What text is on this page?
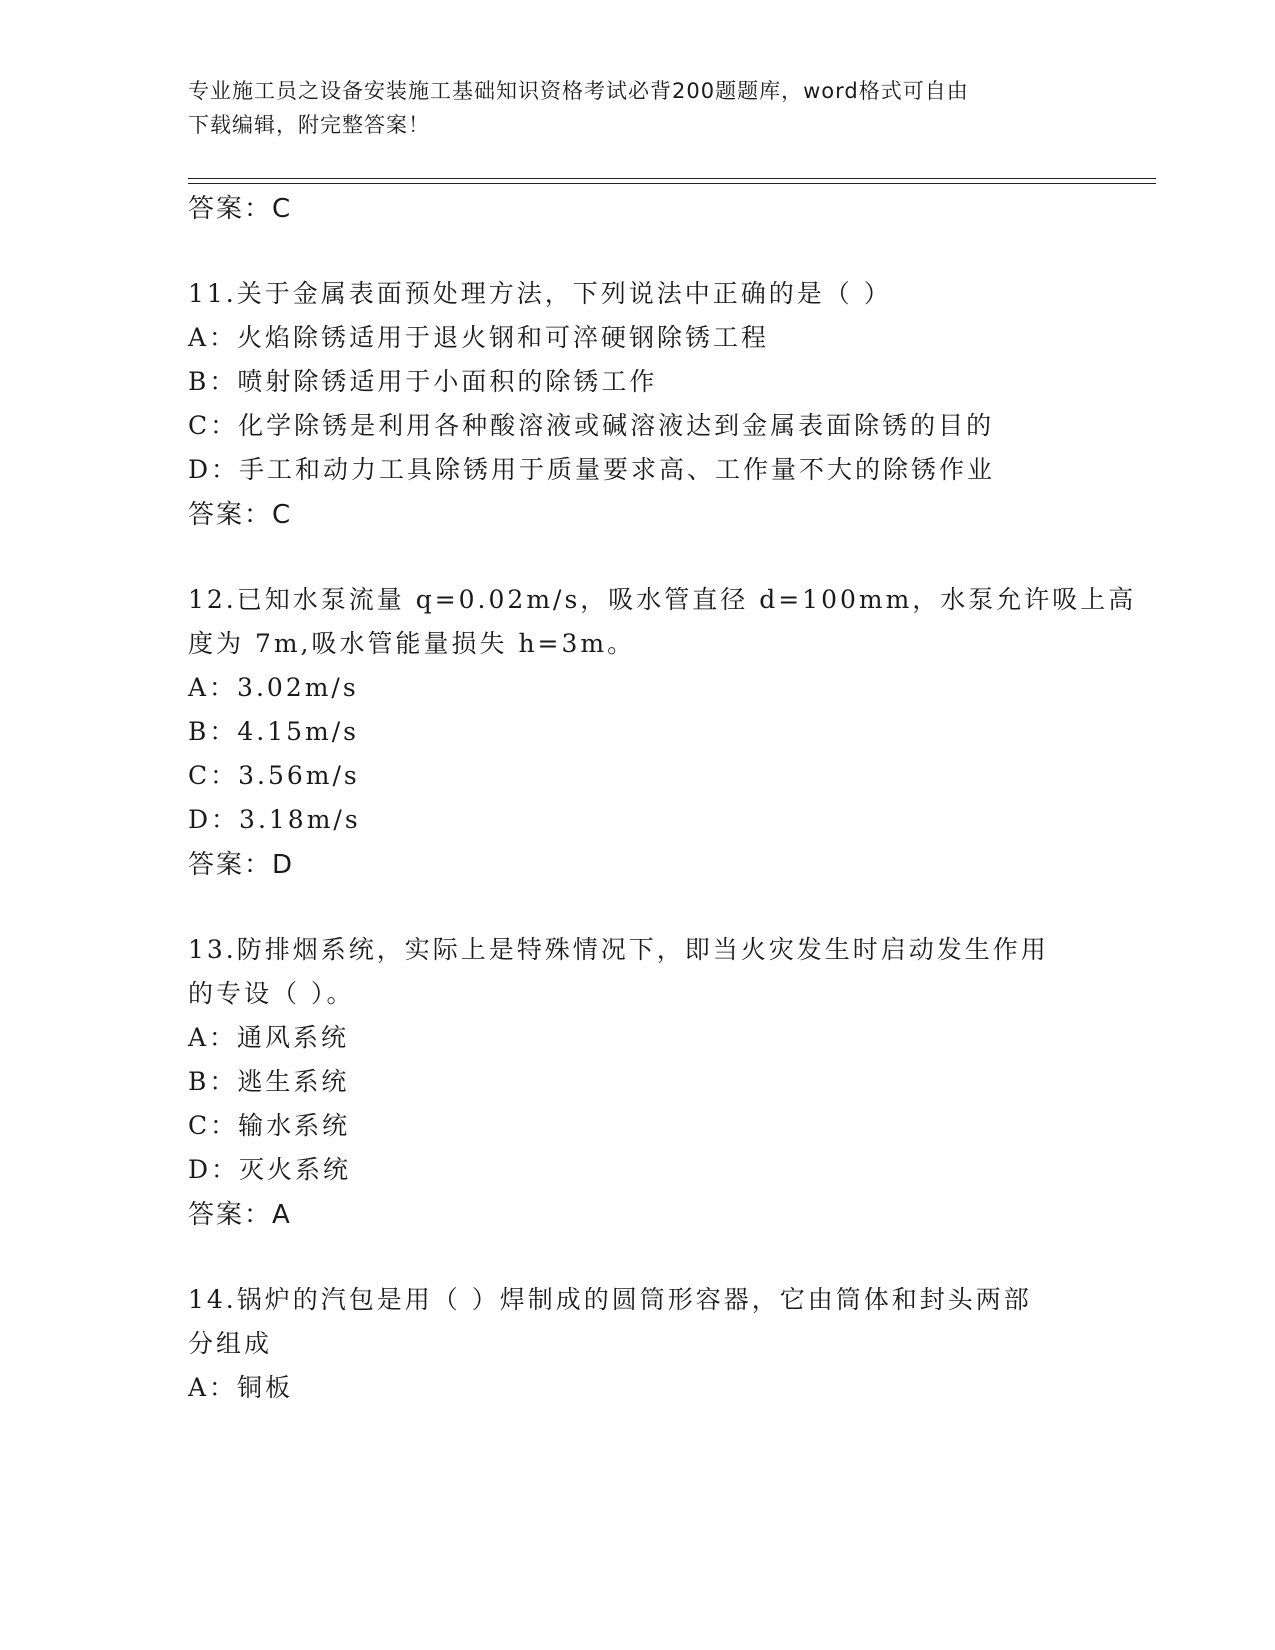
专业施工员之设备安装施工基础知识资格考试必背200题题库，word格式可自由
下载编辑，附完整答案！
答案：C
11.关于金属表面预处理方法，下列说法中正确的是（ ）
A：火焰除锈适用于退火钢和可淬硬钢除锈工程
B：喷射除锈适用于小面积的除锈工作
C：化学除锈是利用各种酸溶液或碱溶液达到金属表面除锈的目的
D：手工和动力工具除锈用于质量要求高、工作量不大的除锈作业
答案：C
12.已知水泵流量 q=0.02m/s，吸水管直径 d=100mm，水泵允许吸上高
度为 7m,吸水管能量损失 h=3m。
A：3.02m/s
B：4.15m/s
C：3.56m/s
D：3.18m/s
答案：D
13.防排烟系统，实际上是特殊情况下，即当火灾发生时启动发生作用
的专设（ ）。
A：通风系统
B：逃生系统
C：输水系统
D：灭火系统
答案：A
14.锅炉的汽包是用（ ）焊制成的圆筒形容器，它由筒体和封头两部
分组成
A：铜板
